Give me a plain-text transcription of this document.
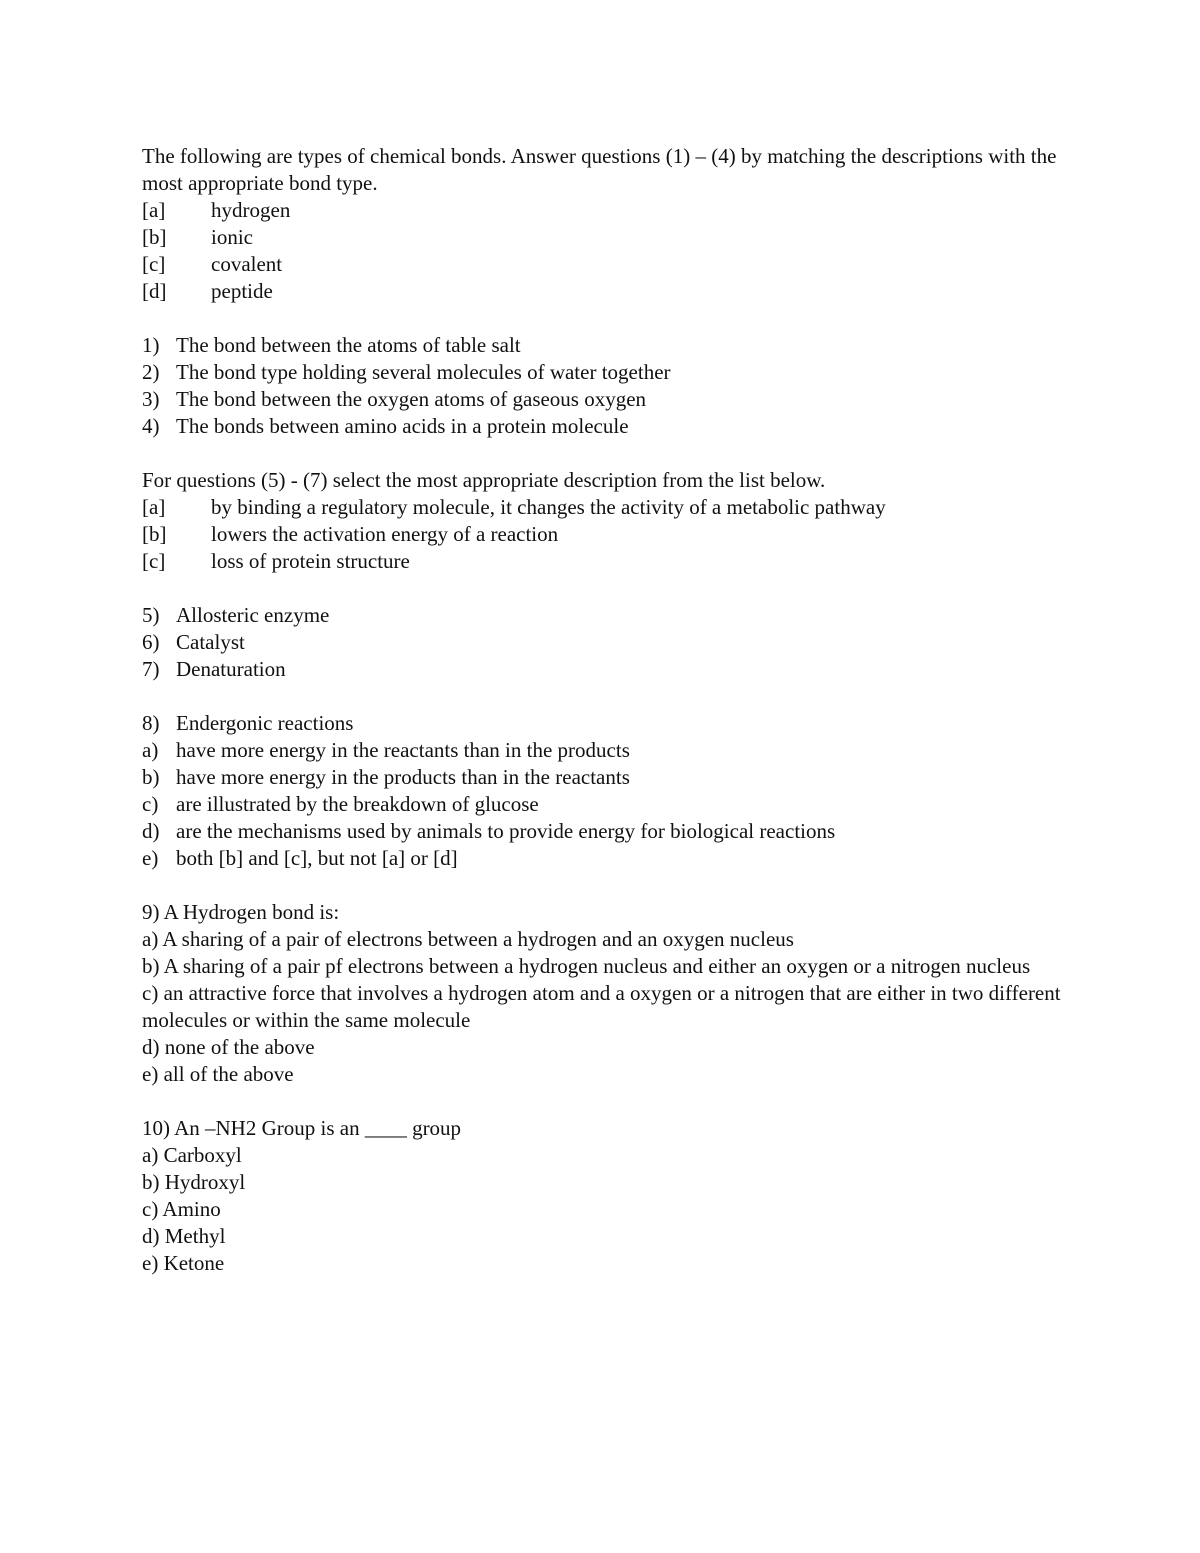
The following are types of chemical bonds. Answer questions (1) – (4) by matching the descriptions with the most appropriate bond type.

[a]	hydrogen
[b]	ionic
[c]	covalent
[d]	peptide
1) The bond between the atoms of table salt
2) The bond type holding several molecules of water together
3) The bond between the oxygen atoms of gaseous oxygen
4) The bonds between amino acids in a protein molecule

For questions (5) - (7) select the most appropriate description from the list below.

[a]	by binding a regulatory molecule, it changes the activity of a metabolic pathway
[b]	lowers the activation energy of a reaction
[c]	loss of protein structure
5) Allosteric enzyme
6) Catalyst
7) Denaturation
8) Endergonic reactions
a) have more energy in the reactants than in the products
b) have more energy in the products than in the reactants
c) are illustrated by the breakdown of glucose
d) are the mechanisms used by animals to provide energy for biological reactions
e) both [b] and [c], but not [a] or [d]

9) A Hydrogen bond is:

a) A sharing of a pair of electrons between a hydrogen and an oxygen nucleus

b) A sharing of a pair pf electrons between a hydrogen nucleus and either an oxygen or a nitrogen nucleus

c) an attractive force that involves a hydrogen atom and a oxygen or a nitrogen that are either in two different molecules or within the same molecule

d) none of the above

e) all of the above

10) An –NH2 Group is an ____ group

a) Carboxyl

b) Hydroxyl

c) Amino

d) Methyl

e) Ketone
